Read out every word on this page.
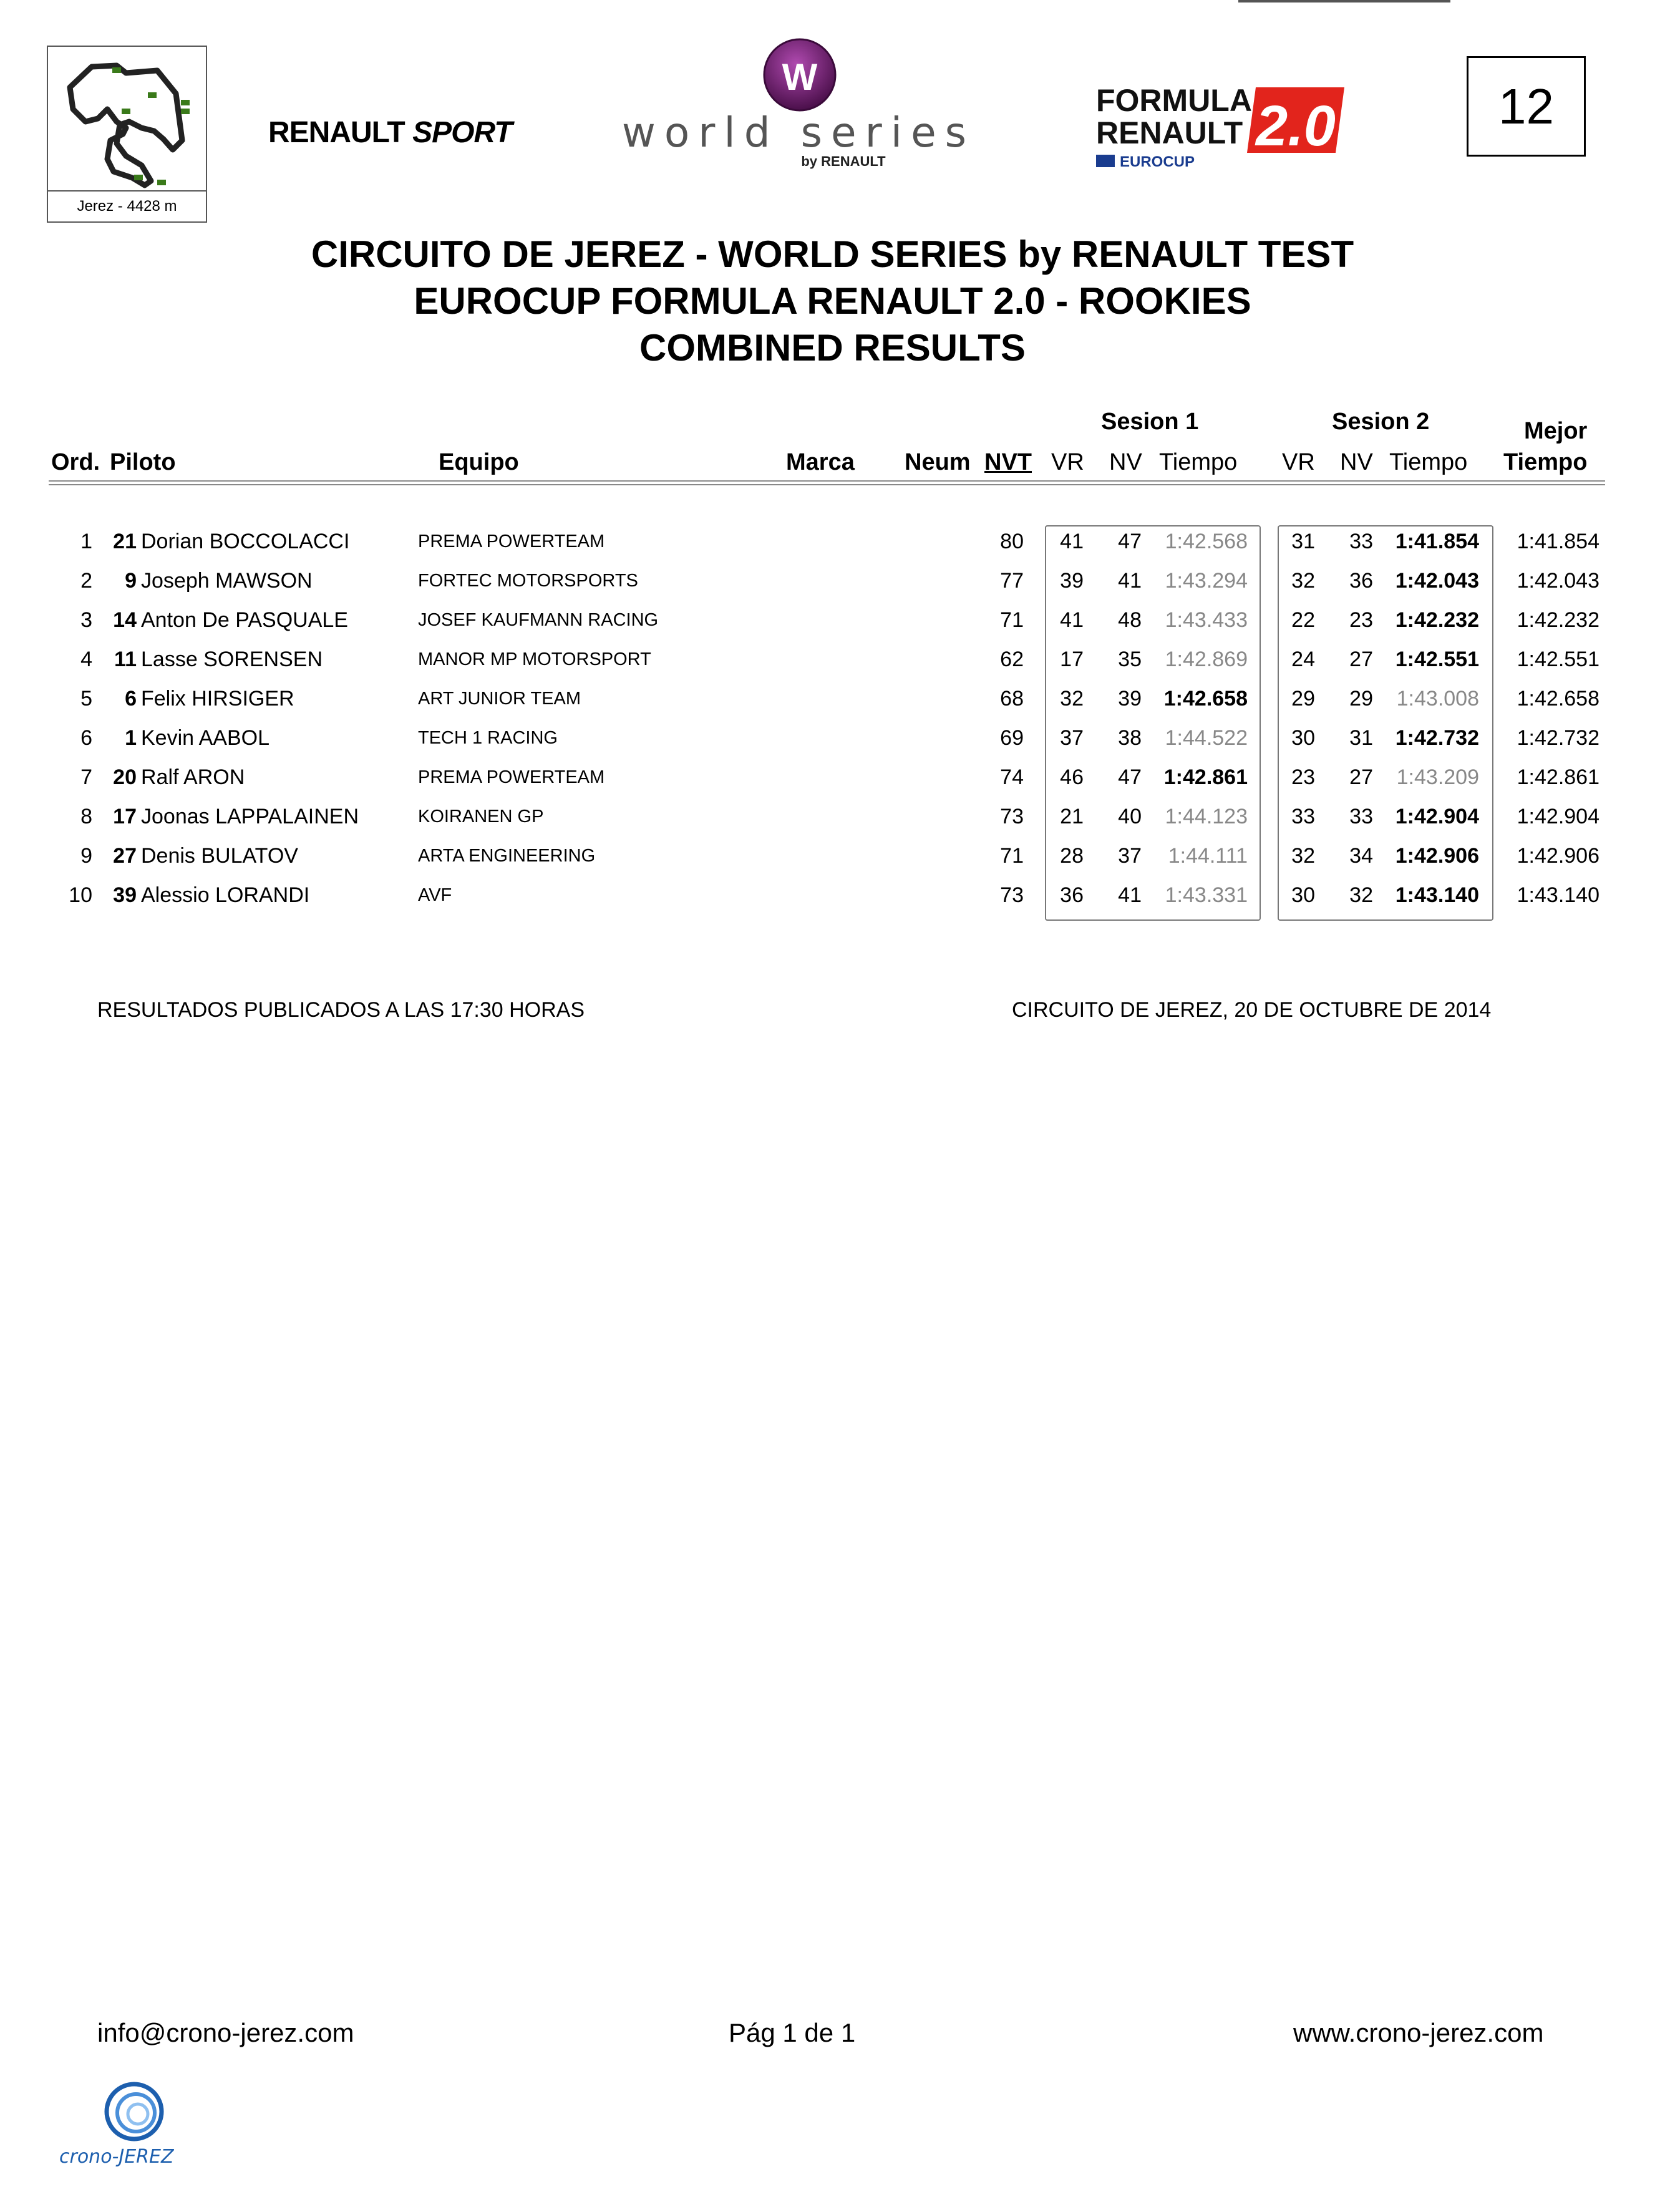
Jerez - 4428 m
RENAULT SPORT
W
world series
by RENAULT
FORMULA
RENAULT 2.0
EUROCUP
12
CIRCUITO DE JEREZ - WORLD SERIES by RENAULT TEST
EUROCUP FORMULA RENAULT 2.0 - ROOKIES
COMBINED RESULTS
Sesion 1	Sesion 2	Mejor
Ord. Piloto	Equipo	Marca Neum NVT VR NV Tiempo VR NV Tiempo Tiempo
1 21 Dorian BOCCOLACCI	PREMA POWERTEAM	80 41 47 1:42.568 31 33 1:41.854 1:41.854
2 9 Joseph MAWSON	FORTEC MOTORSPORTS	77 39 41 1:43.294 32 36 1:42.043 1:42.043
3 14 Anton De PASQUALE	JOSEF KAUFMANN RACING	71 41 48 1:43.433 22 23 1:42.232 1:42.232
4 11 Lasse SORENSEN	MANOR MP MOTORSPORT	62 17 35 1:42.869 24 27 1:42.551 1:42.551
5 6 Felix HIRSIGER	ART JUNIOR TEAM	68 32 39 1:42.658 29 29 1:43.008 1:42.658
6 1 Kevin AABOL	TECH 1 RACING	69 37 38 1:44.522 30 31 1:42.732 1:42.732
7 20 Ralf ARON	PREMA POWERTEAM	74 46 47 1:42.861 23 27 1:43.209 1:42.861
8 17 Joonas LAPPALAINEN	KOIRANEN GP	73 21 40 1:44.123 33 33 1:42.904 1:42.904
9 27 Denis BULATOV	ARTA ENGINEERING	71 28 37 1:44.111 32 34 1:42.906 1:42.906
10 39 Alessio LORANDI	AVF	73 36 41 1:43.331 30 32 1:43.140 1:43.140
RESULTADOS PUBLICADOS A LAS 17:30 HORAS	CIRCUITO DE JEREZ, 20 DE OCTUBRE DE 2014
info@crono-jerez.com	Pág 1 de 1	www.crono-jerez.com
crono-JEREZ
